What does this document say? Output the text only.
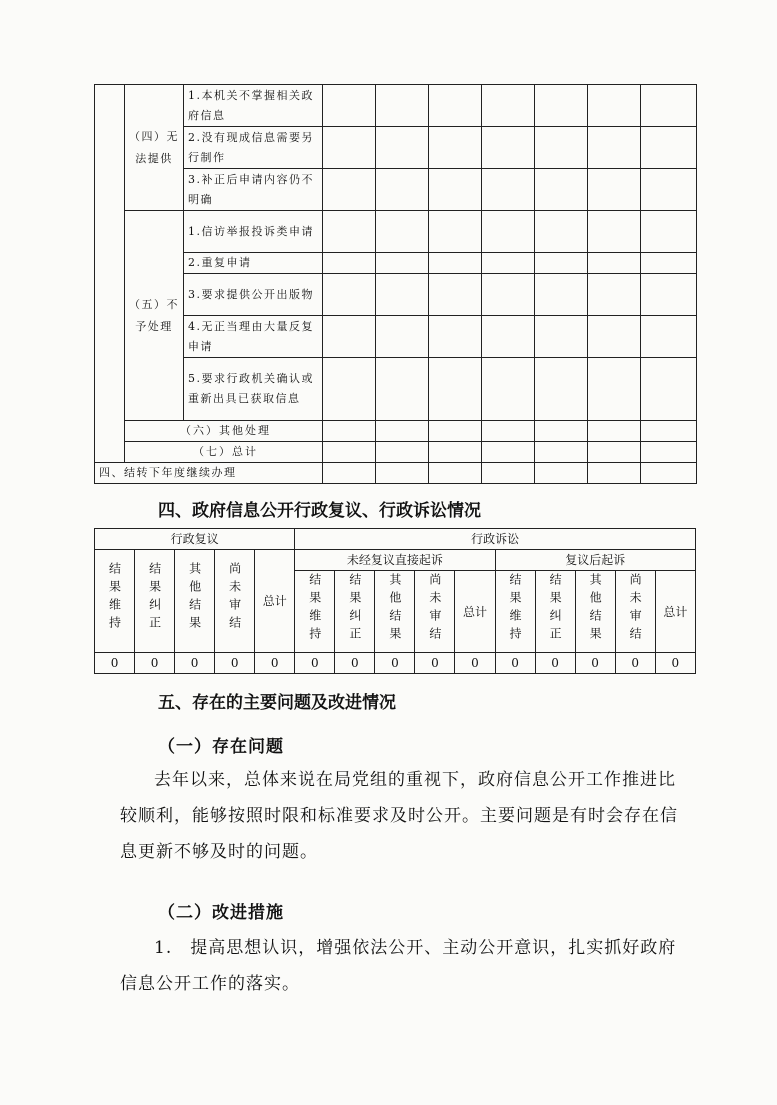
	（四）无法提供	1.本机关不掌握相关政府信息							
		2.没有现成信息需要另行制作							
		3.补正后申请内容仍不明确							
	（五）不予处理	1.信访举报投诉类申请							
		2.重复申请							
		3.要求提供公开出版物							
		4.无正当理由大量反复申请							
		5.要求行政机关确认或重新出具已获取信息							
	（六）其他处理								
	（七）总计								
四、结转下年度继续办理									
四、政府信息公开行政复议、行政诉讼情况
行政复议					行政诉讼									
结果维持	结果纠正	其他结果	尚未审结	总计	未经复议直接起诉					复议后起诉				
					结果维持	结果纠正	其他结果	尚未审结	总计	结果维持	结果纠正	其他结果	尚未审结	总计
0	0	0	0	0	0	0	0	0	0	0	0	0	0	0
五、存在的主要问题及改进情况
（一）存在问题

去年以来，总体来说在局党组的重视下，政府信息公开工作推进比较顺利，能够按照时限和标准要求及时公开。主要问题是有时会存在信息更新不够及时的问题。

（二）改进措施

1.　提高思想认识，增强依法公开、主动公开意识，扎实抓好政府信息公开工作的落实。
